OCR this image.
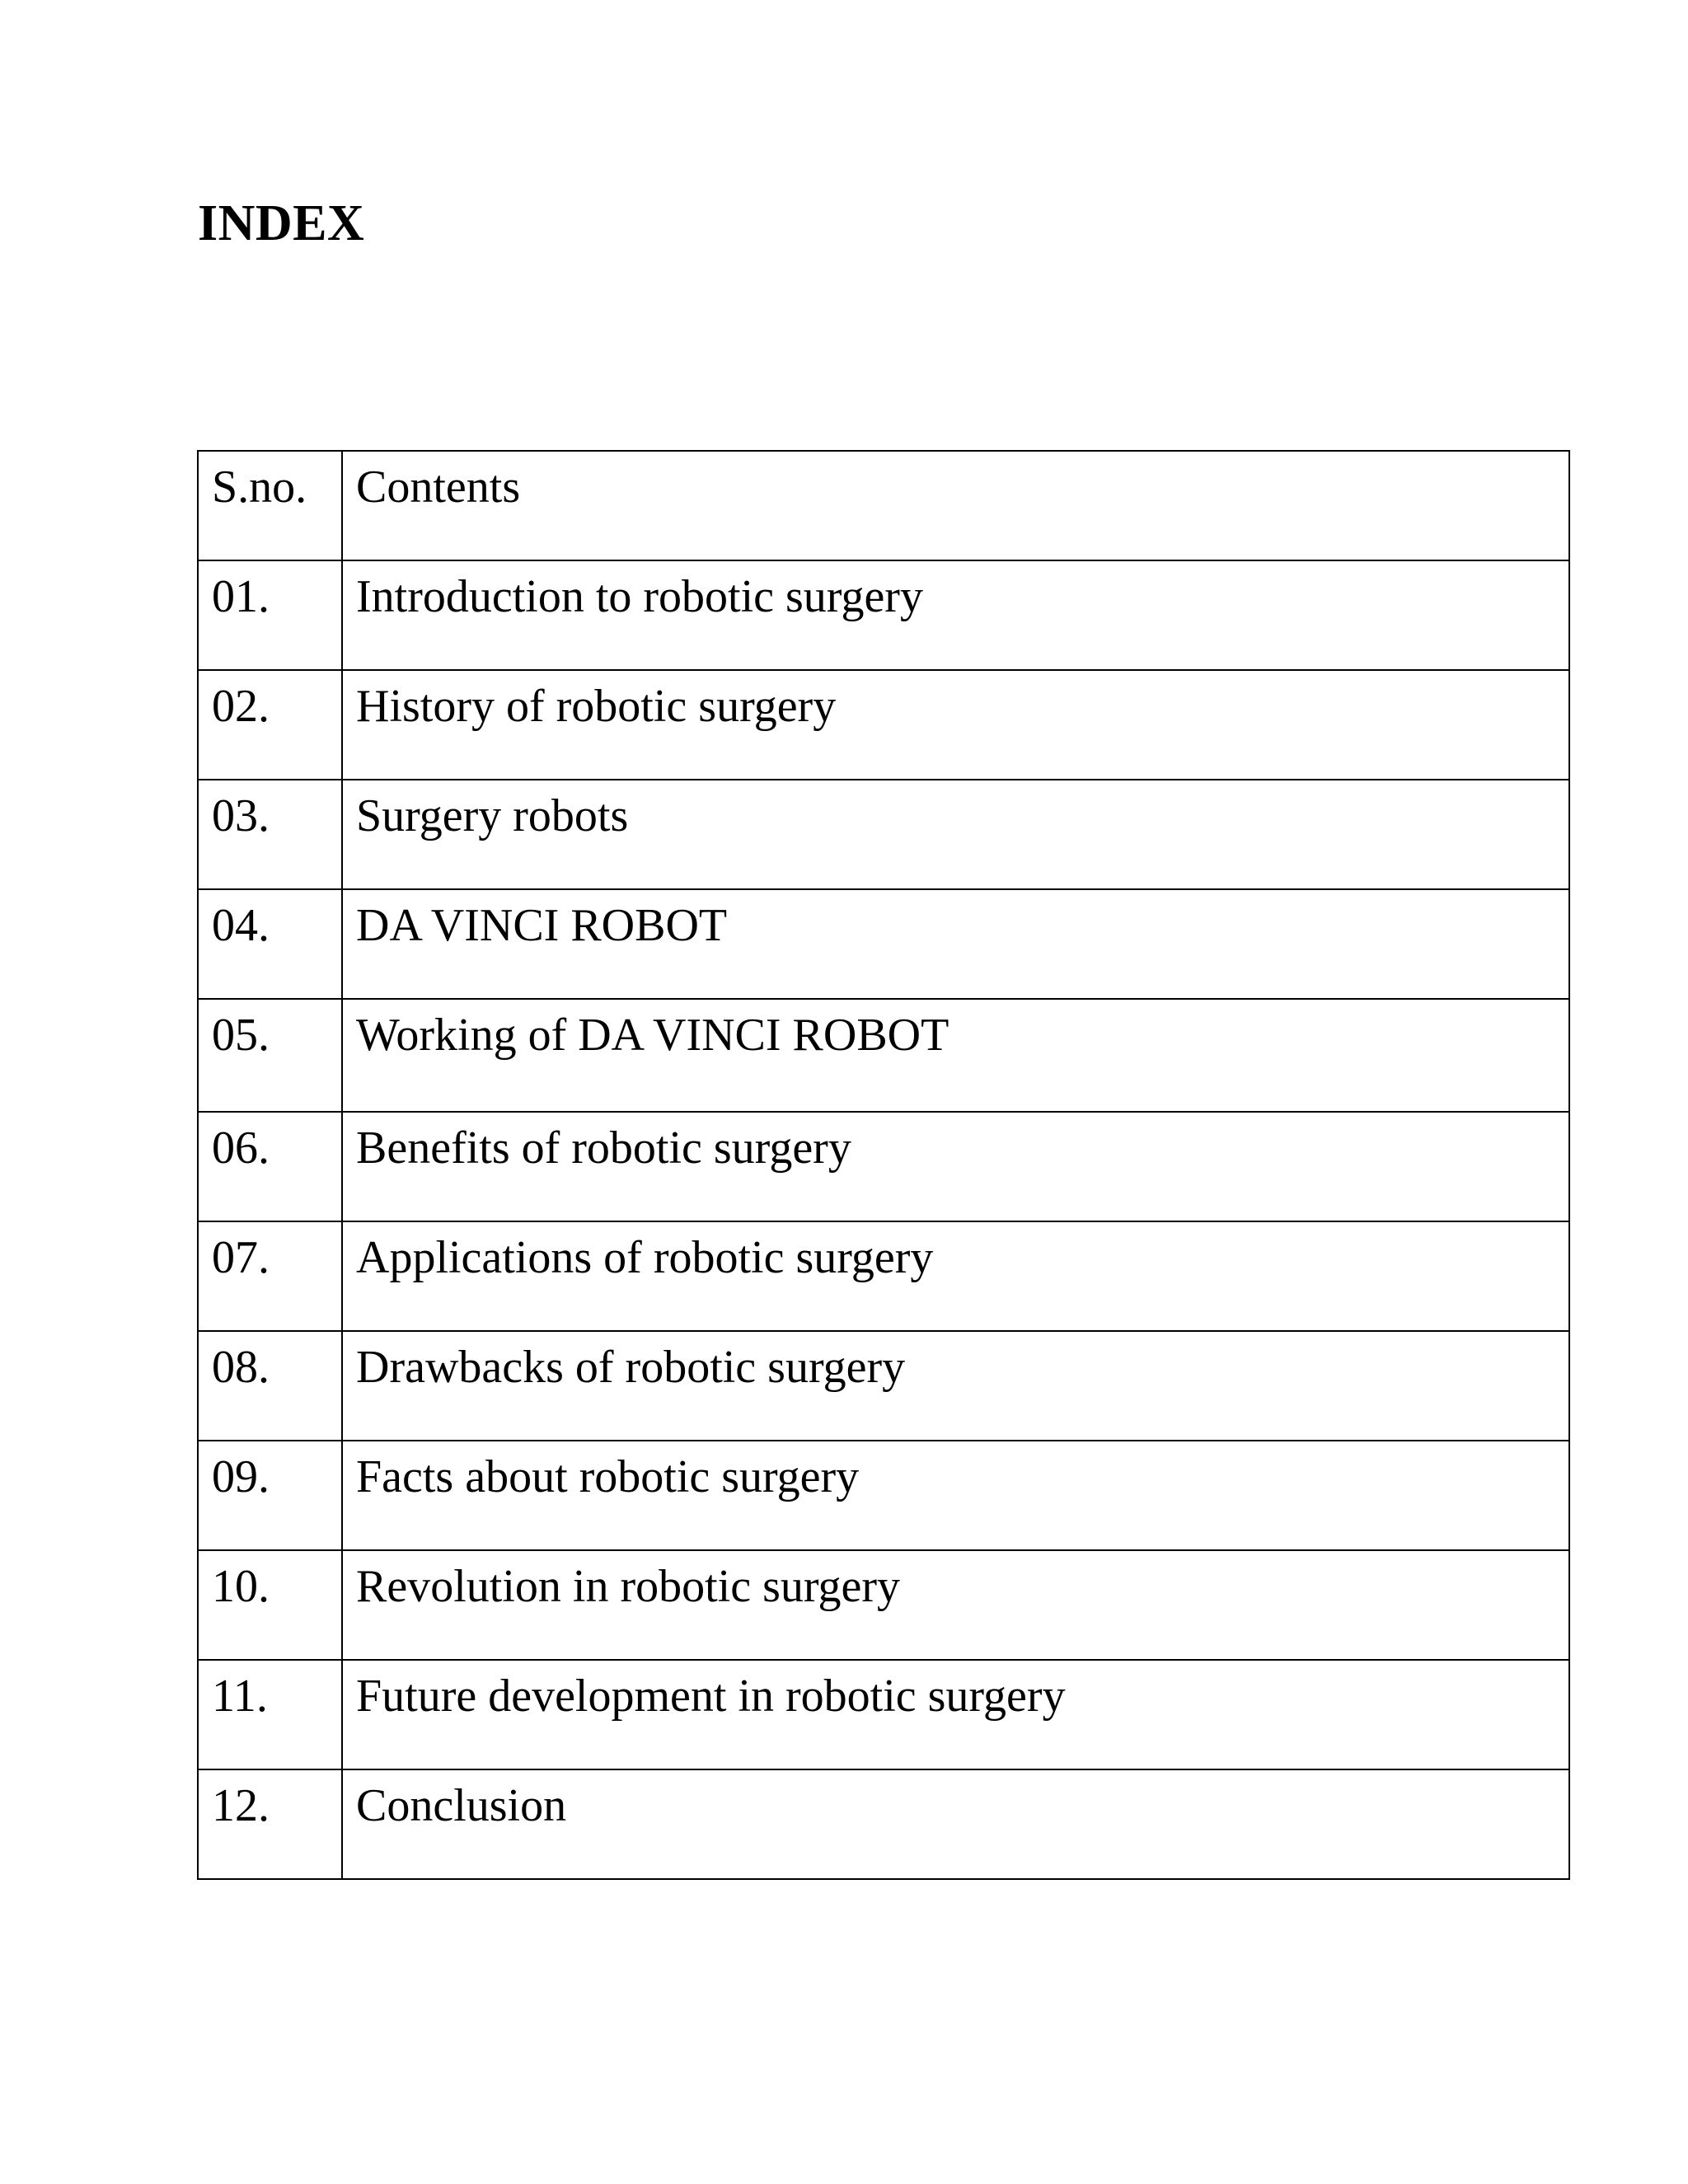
INDEX
S.no.	Contents
01.	Introduction to robotic surgery
02.	History of robotic surgery
03.	Surgery robots
04.	DA VINCI ROBOT
05.	Working of DA VINCI ROBOT
06.	Benefits of robotic surgery
07.	Applications of robotic surgery
08.	Drawbacks of robotic surgery
09.	Facts about robotic surgery
10.	Revolution in robotic surgery
11.	Future development in robotic surgery
12.	Conclusion
